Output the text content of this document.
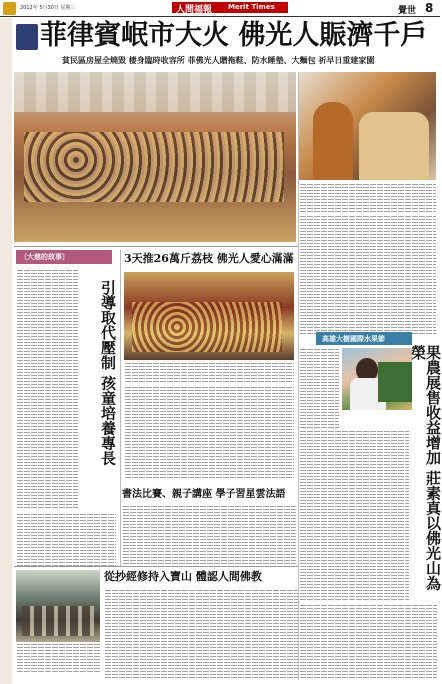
2012年 5月30日 星期三	人間福報 Merit Times	覺世 8
菲律賓岷市大火 佛光人賑濟千戶
貧民區房屋全燒毀 棲身臨時收容所 菲佛光人贈拖鞋、防水睡墊、大麵包 祈早日重建家園
〔大慈的故事〕
引導取代壓制 孩童培養專長
3天推26萬斤荔枝 佛光人愛心滿滿
高雄大樹國際水果節
果農展售收益增加 莊素真以佛光山為榮
書法比賽、親子講座 學子習星雲法語
從抄經修持入寶山 體認人間佛教
